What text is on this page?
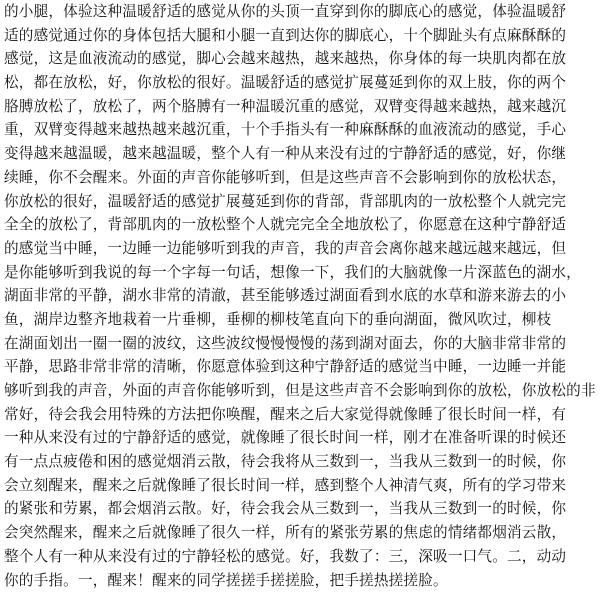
的小腿，体验这种温暖舒适的感觉从你的头顶一直穿到你的脚底心的感觉，体验温暖舒
适的感觉通过你的身体包括大腿和小腿一直到达你的脚底心，十个脚趾头有点麻酥酥的
感觉，这是血液流动的感觉，脚心会越来越热，越来越热，你身体的每一块肌肉都在放
松，都在放松，好，你放松的很好。温暖舒适的感觉扩展蔓延到你的双上肢，你的两个
胳膊放松了，放松了，两个胳膊有一种温暖沉重的感觉，双臂变得越来越热，越来越沉
重，双臂变得越来越热越来越沉重，十个手指头有一种麻酥酥的血液流动的感觉，手心
变得越来越温暖，越来越温暖，整个人有一种从来没有过的宁静舒适的感觉，好，你继
续睡，你不会醒来。外面的声音你能够听到，但是这些声音不会影响到你的放松状态，
你放松的很好，温暖舒适的感觉扩展蔓延到你的背部，背部肌肉的一放松整个人就完完
全全的放松了，背部肌肉的一放松整个人就完完全全地放松了，你愿意在这种宁静舒适
的感觉当中睡，一边睡一边能够听到我的声音，我的声音会离你越来越远越来越远，但
是你能够听到我说的每一个字每一句话，想像一下，我们的大脑就像一片深蓝色的湖水，
湖面非常的平静，湖水非常的清澈，甚至能够透过湖面看到水底的水草和游来游去的小
鱼，湖岸边整齐地栽着一片垂柳，垂柳的柳枝笔直向下的垂向湖面，微风吹过，柳枝
在湖面划出一圈一圈的波纹，这些波纹慢慢慢慢的荡到湖对面去，你的大脑非常非常的
平静，思路非常非常的清晰，你愿意体验到这种宁静舒适的感觉当中睡，一边睡一并能
够听到我的声音，外面的声音你能够听到，但是这些声音不会影响到你的放松，你放松的非
常好，待会我会用特殊的方法把你唤醒，醒来之后大家觉得就像睡了很长时间一样，有
一种从来没有过的宁静舒适的感觉，就像睡了很长时间一样，刚才在准备听课的时候还
有一点点疲倦和困的感觉烟消云散，待会我将从三数到一，当我从三数到一的时候，你
会立刻醒来，醒来之后就像睡了很长时间一样，感到整个人神清气爽，所有的学习带来
的紧张和劳累，都会烟消云散。好，待会我会从三数到一，当我从三数到一的时候，你
会突然醒来，醒来之后就像睡了很久一样，所有的紧张劳累的焦虑的情绪都烟消云散，
整个人有一种从来没有过的宁静轻松的感觉。好，我数了：三，深吸一口气。二，动动
你的手指。一，醒来！醒来的同学搓搓手搓搓脸，把手搓热搓搓脸。
